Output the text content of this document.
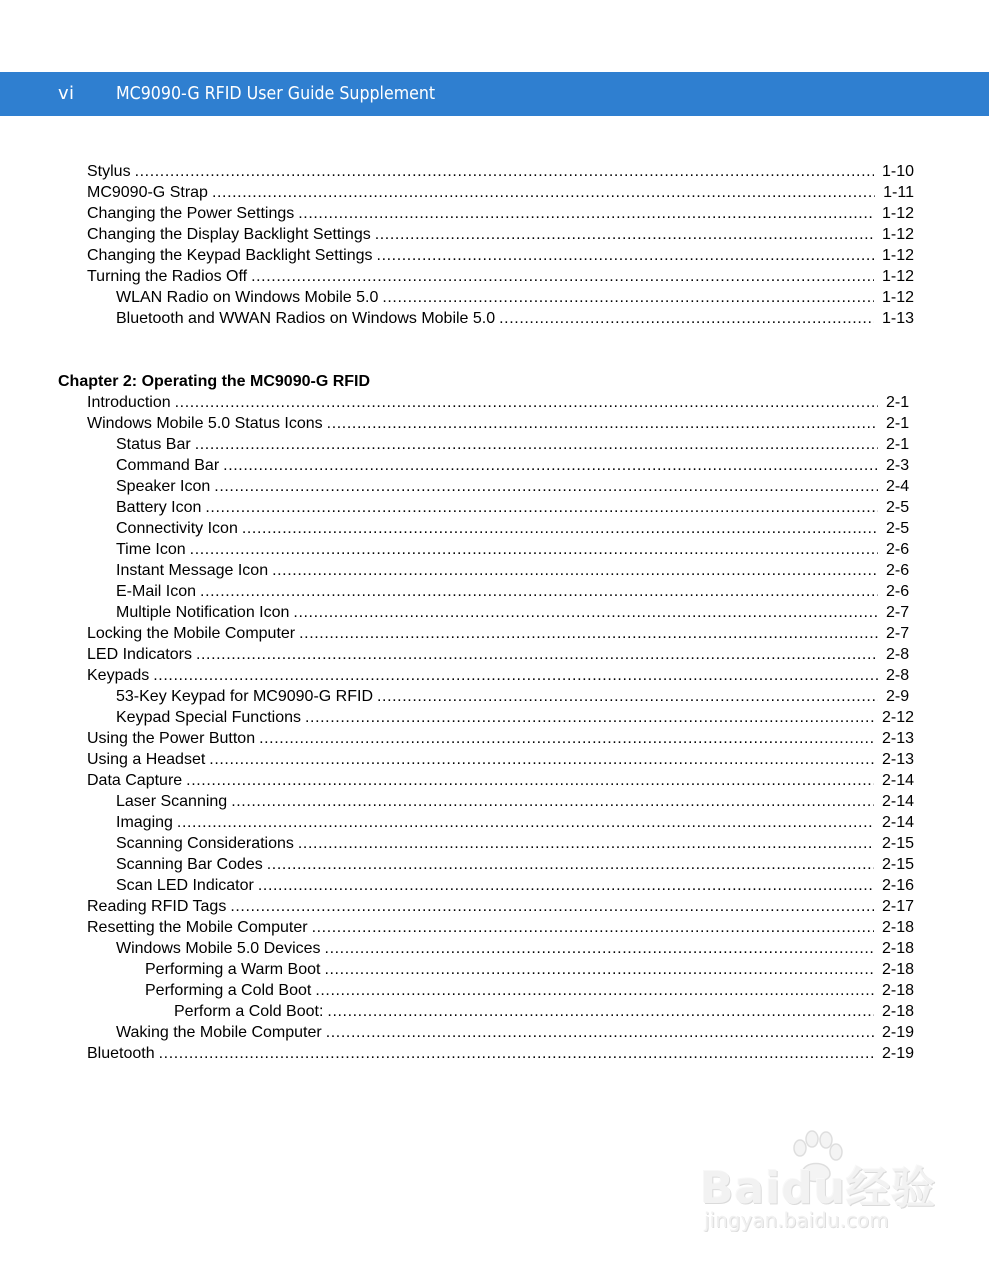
vi MC9090-G RFID User Guide Supplement
Stylus .....	1-10
MC9090-G Strap .....	1-11
Changing the Power Settings .....	1-12
Changing the Display Backlight Settings .....	1-12
Changing the Keypad Backlight Settings .....	1-12
Turning the Radios Off .....	1-12
WLAN Radio on Windows Mobile 5.0 .....	1-12
Bluetooth and WWAN Radios on Windows Mobile 5.0 .....	1-13
Chapter 2: Operating the MC9090-G RFID
Introduction .....	2-1
Windows Mobile 5.0 Status Icons .....	2-1
Status Bar .....	2-1
Command Bar .....	2-3
Speaker Icon .....	2-4
Battery Icon .....	2-5
Connectivity Icon .....	2-5
Time Icon .....	2-6
Instant Message Icon .....	2-6
E-Mail Icon .....	2-6
Multiple Notification Icon .....	2-7
Locking the Mobile Computer .....	2-7
LED Indicators .....	2-8
Keypads .....	2-8
53-Key Keypad for MC9090-G RFID .....	2-9
Keypad Special Functions .....	2-12
Using the Power Button .....	2-13
Using a Headset .....	2-13
Data Capture .....	2-14
Laser Scanning .....	2-14
Imaging .....	2-14
Scanning Considerations .....	2-15
Scanning Bar Codes .....	2-15
Scan LED Indicator .....	2-16
Reading RFID Tags .....	2-17
Resetting the Mobile Computer .....	2-18
Windows Mobile 5.0 Devices .....	2-18
Performing a Warm Boot .....	2-18
Performing a Cold Boot .....	2-18
Perform a Cold Boot: .....	2-18
Waking the Mobile Computer .....	2-19
Bluetooth .....	2-19
Baidu经验
jingyan.baidu.com
